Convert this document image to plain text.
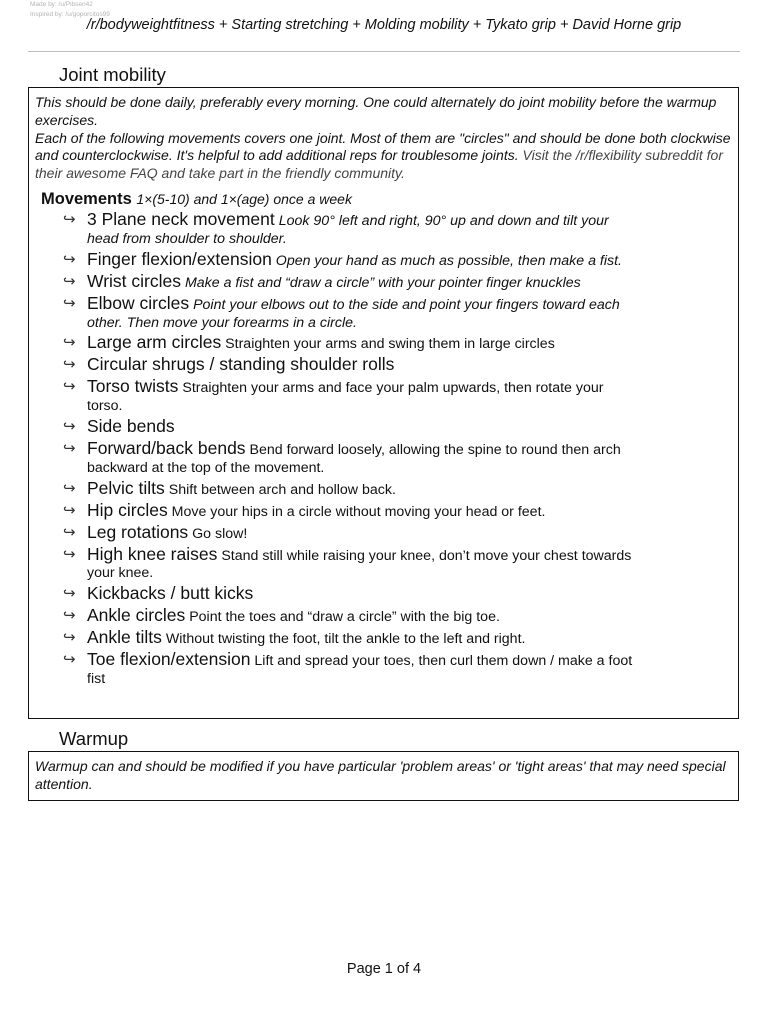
Made by: /u/Pibsen42
Inspired by: /u/goporcitos99
/r/bodyweightfitness + Starting stretching + Molding mobility + Tykato grip + David Horne grip
Joint mobility

This should be done daily, preferably every morning. One could alternately do joint mobility before the warmup exercises.

Each of the following movements covers one joint. Most of them are "circles" and should be done both clockwise and counterclockwise. It's helpful to add additional reps for troublesome joints. Visit the /r/flexibility subreddit for their awesome FAQ and take part in the friendly community.

Movements 1×(5-10) and 1×(age) once a week
↪ 3 Plane neck movement Look 90° left and right, 90° up and down and tilt your head from shoulder to shoulder.
↪ Finger flexion/extension Open your hand as much as possible, then make a fist.
↪ Wrist circles Make a fist and “draw a circle” with your pointer finger knuckles
↪ Elbow circles Point your elbows out to the side and point your fingers toward each other. Then move your forearms in a circle.
↪ Large arm circles Straighten your arms and swing them in large circles
↪ Circular shrugs / standing shoulder rolls
↪ Torso twists Straighten your arms and face your palm upwards, then rotate your torso.
↪ Side bends
↪ Forward/back bends Bend forward loosely, allowing the spine to round then arch backward at the top of the movement.
↪ Pelvic tilts Shift between arch and hollow back.
↪ Hip circles Move your hips in a circle without moving your head or feet.
↪ Leg rotations Go slow!
↪ High knee raises Stand still while raising your knee, don’t move your chest towards your knee.
↪ Kickbacks / butt kicks
↪ Ankle circles Point the toes and “draw a circle” with the big toe.
↪ Ankle tilts Without twisting the foot, tilt the ankle to the left and right.
↪ Toe flexion/extension Lift and spread your toes, then curl them down / make a foot fist
Warmup

Warmup can and should be modified if you have particular 'problem areas' or 'tight areas' that may need special attention.

Page 1 of 4
